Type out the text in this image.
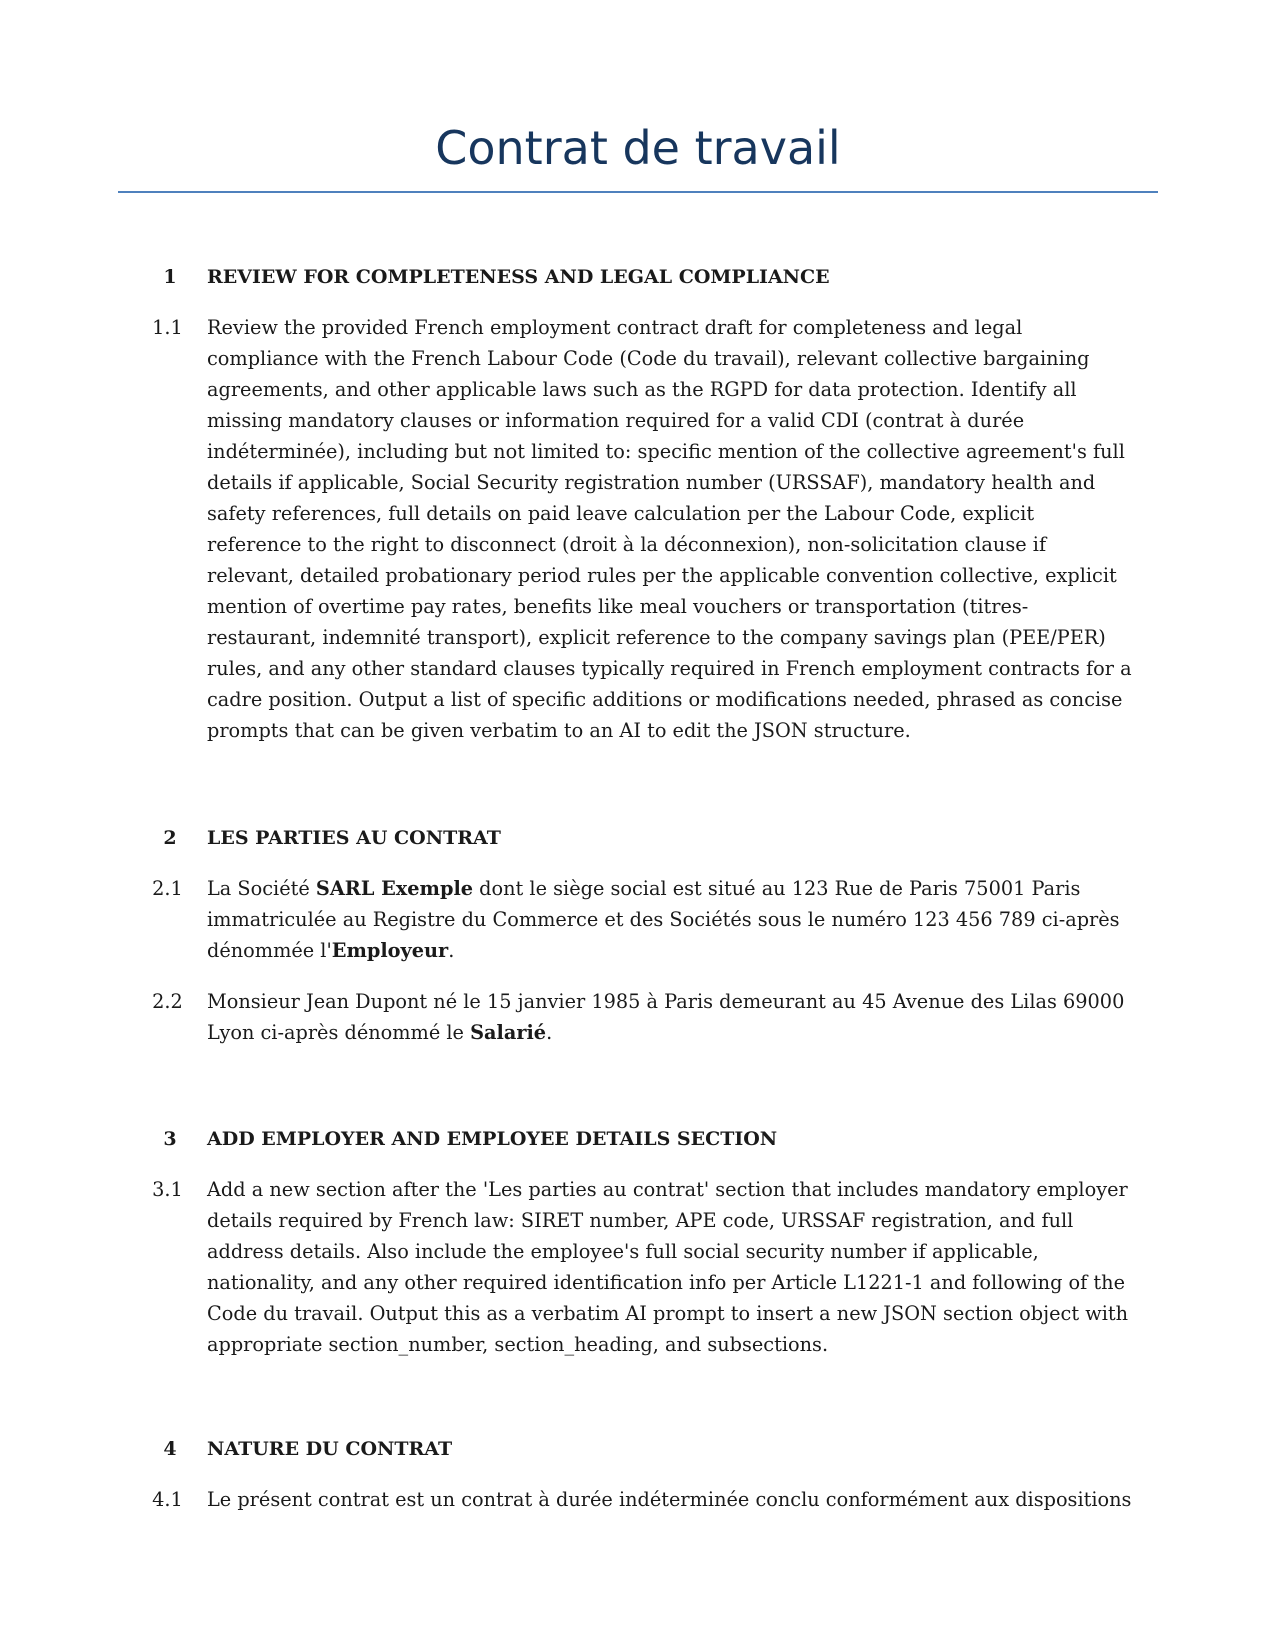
Contrat de travail
1	REVIEW FOR COMPLETENESS AND LEGAL COMPLIANCE
1.1	Review the provided French employment contract draft for completeness and legal compliance with the French Labour Code (Code du travail), relevant collective bargaining agreements, and other applicable laws such as the RGPD for data protection. Identify all missing mandatory clauses or information required for a valid CDI (contrat à durée indéterminée), including but not limited to: specific mention of the collective agreement's full details if applicable, Social Security registration number (URSSAF), mandatory health and safety references, full details on paid leave calculation per the Labour Code, explicit reference to the right to disconnect (droit à la déconnexion), non-solicitation clause if relevant, detailed probationary period rules per the applicable convention collective, explicit mention of overtime pay rates, benefits like meal vouchers or transportation (titres-restaurant, indemnité transport), explicit reference to the company savings plan (PEE/PER) rules, and any other standard clauses typically required in French employment contracts for a cadre position. Output a list of specific additions or modifications needed, phrased as concise prompts that can be given verbatim to an AI to edit the JSON structure.
2	LES PARTIES AU CONTRAT
2.1	La Société SARL Exemple dont le siège social est situé au 123 Rue de Paris 75001 Paris immatriculée au Registre du Commerce et des Sociétés sous le numéro 123 456 789 ci-après dénommée l'Employeur.
2.2	Monsieur Jean Dupont né le 15 janvier 1985 à Paris demeurant au 45 Avenue des Lilas 69000 Lyon ci-après dénommé le Salarié.
3	ADD EMPLOYER AND EMPLOYEE DETAILS SECTION
3.1	Add a new section after the 'Les parties au contrat' section that includes mandatory employer details required by French law: SIRET number, APE code, URSSAF registration, and full address details. Also include the employee's full social security number if applicable, nationality, and any other required identification info per Article L1221-1 and following of the Code du travail. Output this as a verbatim AI prompt to insert a new JSON section object with appropriate section_number, section_heading, and subsections.
4	NATURE DU CONTRAT
4.1	Le présent contrat est un contrat à durée indéterminée conclu conformément aux dispositions
